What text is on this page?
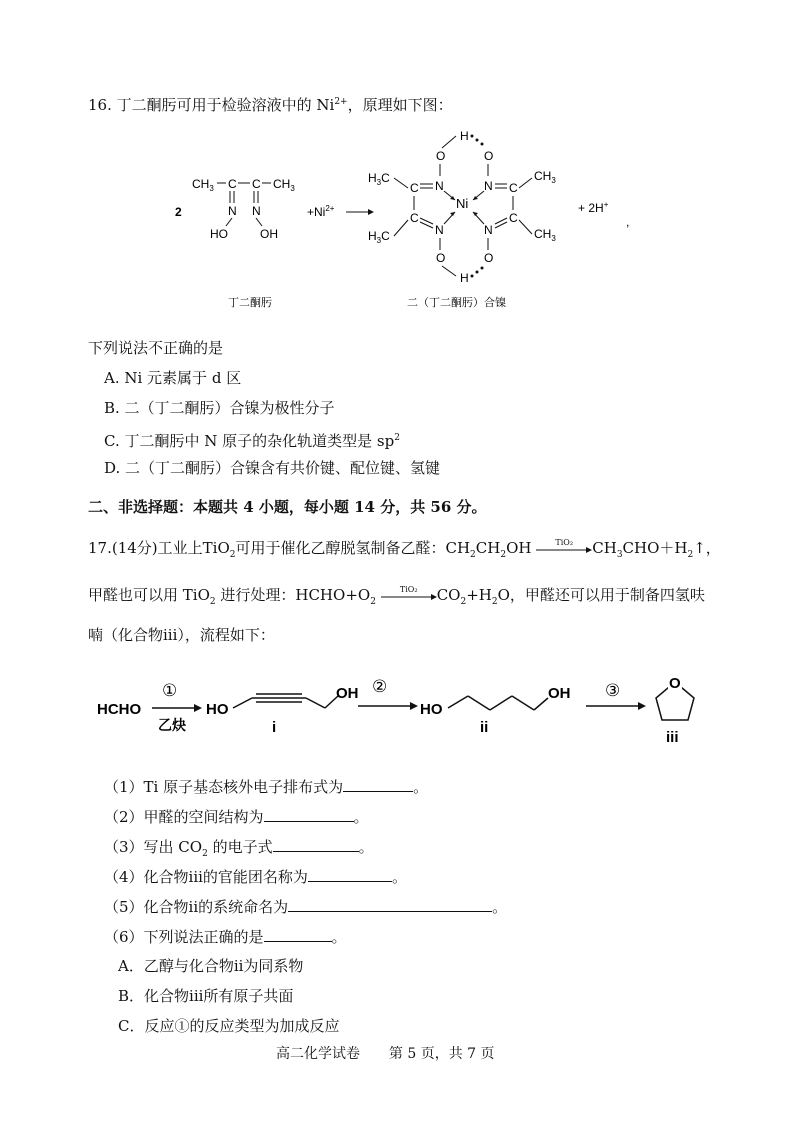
16. 丁二酮肟可用于检验溶液中的 $Ni^{2+}$，原理如下图：
2
$CH_3$ C C $CH_3$
N N
HO	OH
$+Ni^{2+}$
O
H
O
$H_3C$
C N	N C
$CH_3$
Ni
C
$H_3C$	N	N
C
$CH_3$
O	O
H
+ 2H+
,
丁二酮肟	二（丁二酮肟）合镍
下列说法不正确的是
A. Ni 元素属于 d 区
B. 二（丁二酮肟）合镍为极性分子
C. 丁二酮肟中 N 原子的杂化轨道类型是 $sp^2$
D. 二（丁二酮肟）合镍含有共价键、配位键、氢键
二、非选择题：本题共 4 小题，每小题 14 分，共 56 分。
17.(14分)工业上TiO$_2$可用于催化乙醇脱氢制备乙醛：$CH_2CH_2OH$	TiO₂	$CH_3CHO+H_2↑$，
甲醛也可以用 TiO$_2$ 进行处理：$HCHO+O_2$
TiO₂	$CO_2+H_2O$，甲醛还可以用于制备四氢呋
喃（化合物iii），流程如下：
HCHO
①
乙炔
HO
OH
i
②
HO
OH
ii
③	O
iii
（1）Ti 原子基态核外电子排布式为	。
（2）甲醛的空间结构为	。
（3）写出 $CO_2$ 的电子式	。
（4）化合物iii的官能团名称为	。
（5）化合物ii的系统命名为	。
（6）下列说法正确的是	。
A．乙醇与化合物ii为同系物
B．化合物iii所有原子共面
C．反应①的反应类型为加成反应
高二化学试卷 第 5 页，共 7 页
